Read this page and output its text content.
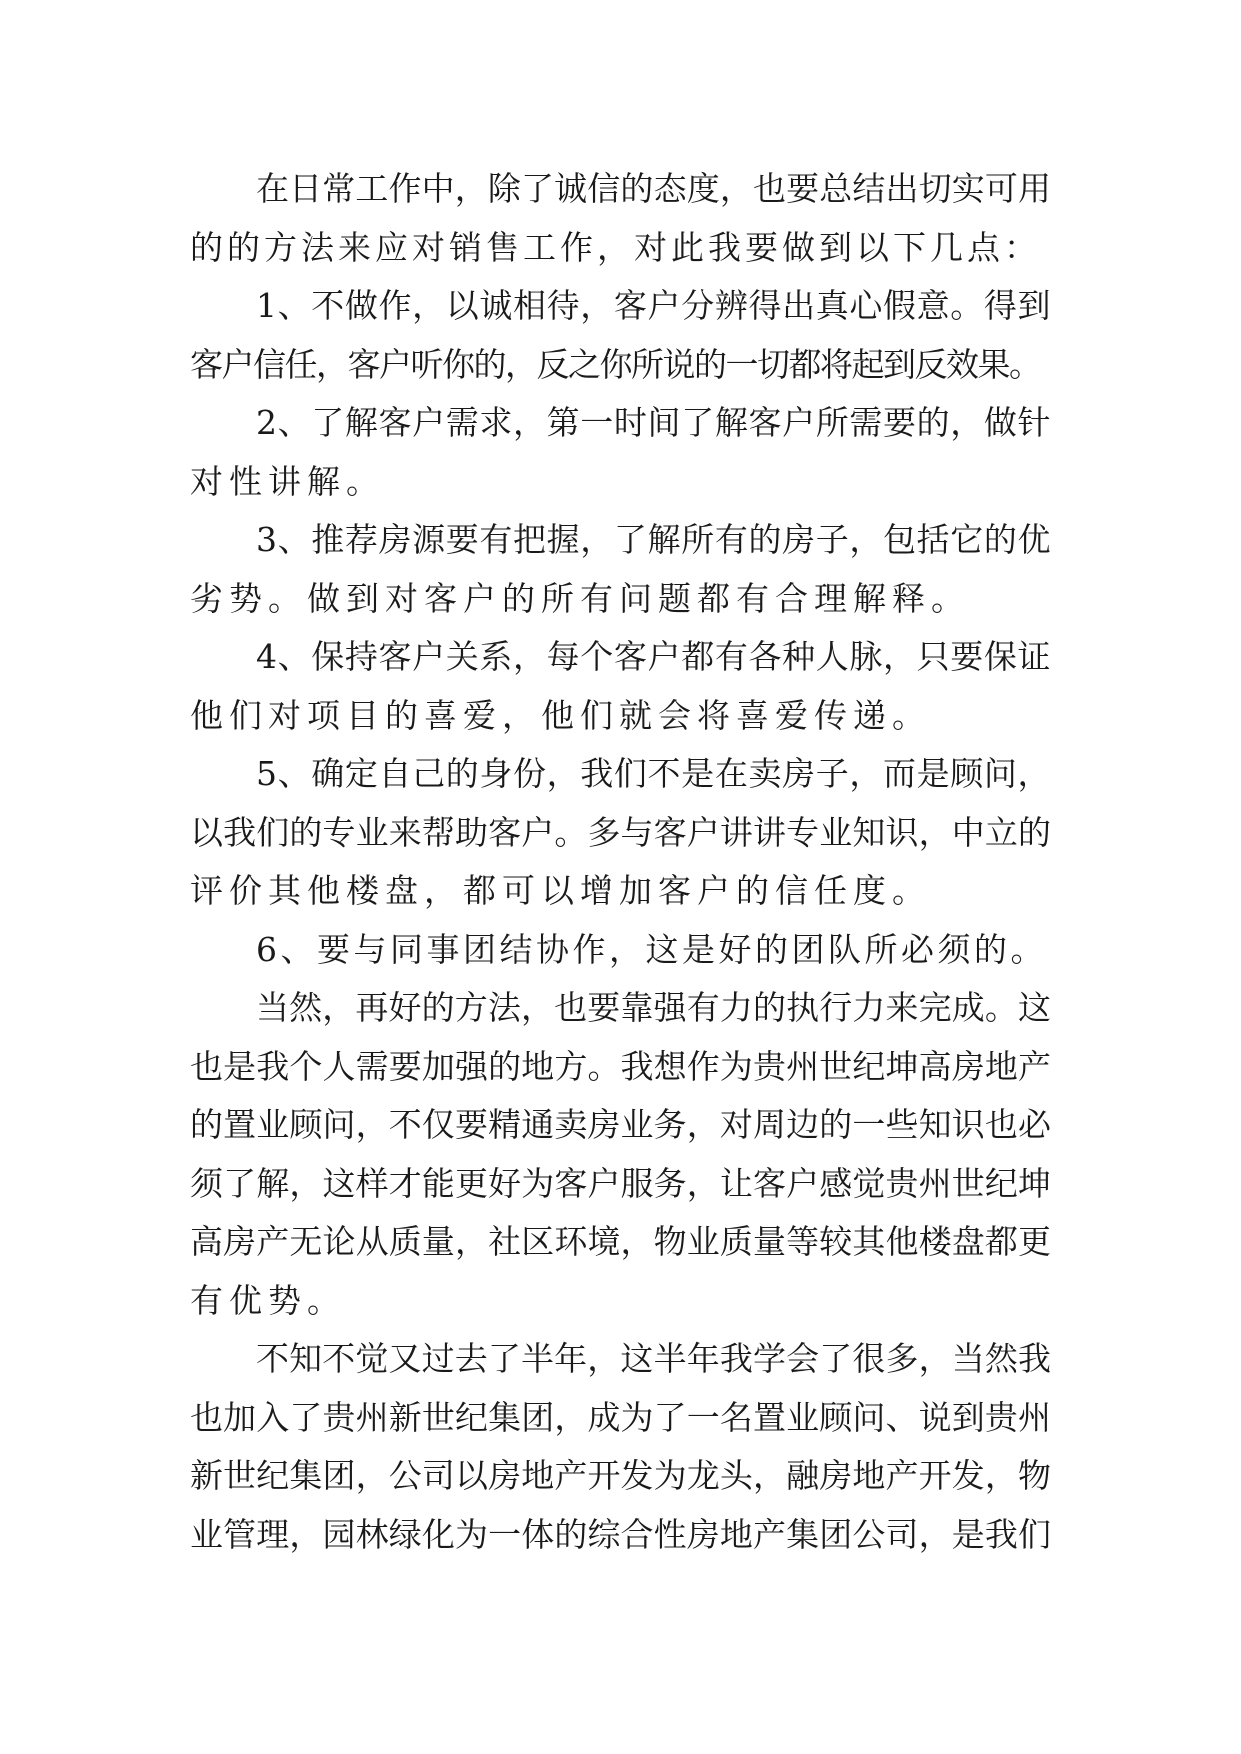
在日常工作中，除了诚信的态度，也要总结出切实可用
的的方法来应对销售工作，对此我要做到以下几点：
1、不做作，以诚相待，客户分辨得出真心假意。得到
客户信任，客户听你的，反之你所说的一切都将起到反效果。
2、了解客户需求，第一时间了解客户所需要的，做针
对性讲解。
3、推荐房源要有把握，了解所有的房子，包括它的优
劣势。做到对客户的所有问题都有合理解释。
4、保持客户关系，每个客户都有各种人脉，只要保证
他们对项目的喜爱，他们就会将喜爱传递。
5、确定自己的身份，我们不是在卖房子，而是顾问，
以我们的专业来帮助客户。多与客户讲讲专业知识，中立的
评价其他楼盘，都可以增加客户的信任度。
6、要与同事团结协作，这是好的团队所必须的。
当然，再好的方法，也要靠强有力的执行力来完成。这
也是我个人需要加强的地方。我想作为贵州世纪坤高房地产
的置业顾问，不仅要精通卖房业务，对周边的一些知识也必
须了解，这样才能更好为客户服务，让客户感觉贵州世纪坤
高房产无论从质量，社区环境，物业质量等较其他楼盘都更
有优势。
不知不觉又过去了半年，这半年我学会了很多，当然我
也加入了贵州新世纪集团，成为了一名置业顾问、说到贵州
新世纪集团，公司以房地产开发为龙头，融房地产开发，物
业管理，园林绿化为一体的综合性房地产集团公司，是我们
